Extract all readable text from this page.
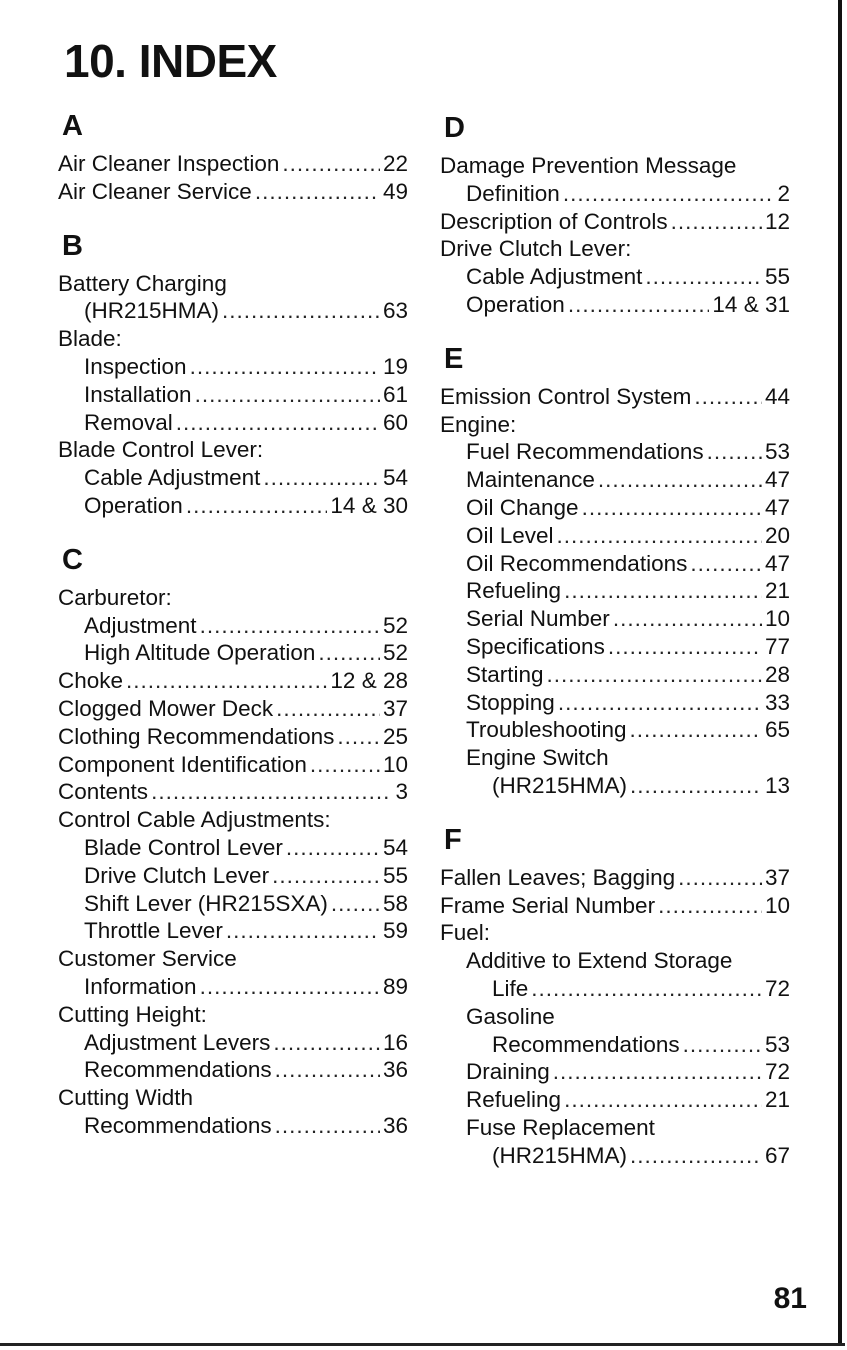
10. INDEX
A
Air Cleaner Inspection .....	22
Air Cleaner Service .....	49
B
Battery Charging
(HR215HMA) .....	63
Blade:
Inspection .....	19
Installation .....	61
Removal .....	60
Blade Control Lever:
Cable Adjustment .....	54
Operation .....	14 & 30
C
Carburetor:
Adjustment .....	52
High Altitude Operation .....	52
Choke .....	12 & 28
Clogged Mower Deck .....	37
Clothing Recommendations ..... 25
Component Identification .....	10
Contents .....	3
Control Cable Adjustments:
Blade Control Lever .....	54
Drive Clutch Lever .....	55
Shift Lever (HR215SXA) ..... 58
Throttle Lever .....	59
Customer Service
Information .....	89
Cutting Height:
Adjustment Levers .....	16
Recommendations .....	36
Cutting Width
Recommendations .....	36
D
Damage Prevention Message
Definition .....	2
Description of Controls .....	12
Drive Clutch Lever:
Cable Adjustment .....	55
Operation .....	14 & 31
E
Emission Control System .....	44
Engine:
Fuel Recommendations .....	53
Maintenance .....	47
Oil Change .....	47
Oil Level .....	20
Oil Recommendations .....	47
Refueling .....	21
Serial Number .....	10
Specifications .....	77
Starting .....	28
Stopping .....	33
Troubleshooting .....	65
Engine Switch
(HR215HMA) .....	13
F
Fallen Leaves; Bagging .....	37
Frame Serial Number .....	10
Fuel:
Additive to Extend Storage
Life .....	72
Gasoline
Recommendations .....	53
Draining .....	72
Refueling .....	21
Fuse Replacement
(HR215HMA) .....	67
81
